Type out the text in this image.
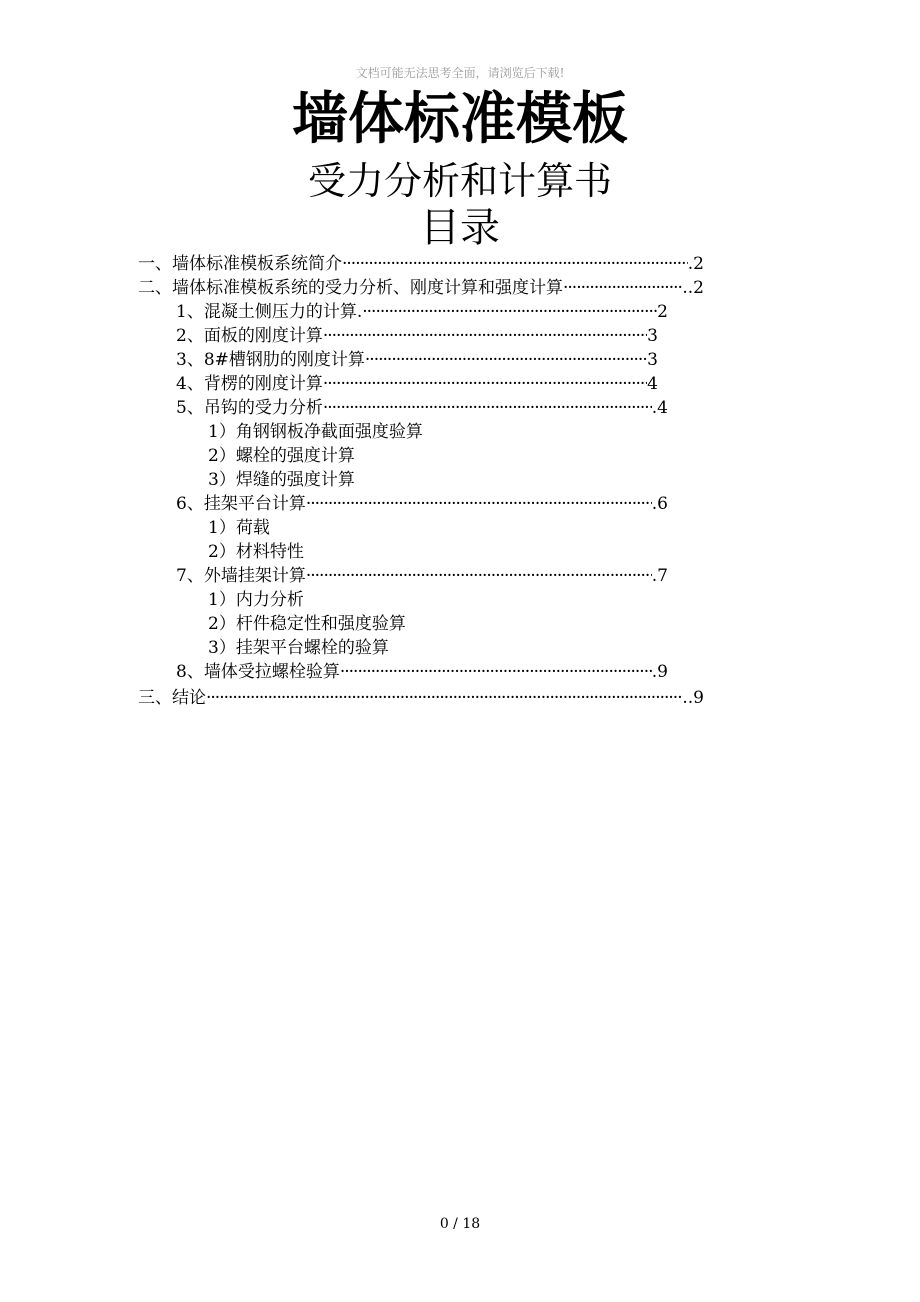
文档可能无法思考全面，请浏览后下载!
墙体标准模板
受力分析和计算书
目录
一、墙体标准模板系统简介 ·····	.2
二、墙体标准模板系统的受力分析、刚度计算和强度计算 ·····	..2
1、混凝土侧压力的计算. ·····	2
2、面板的刚度计算 ·····	3
3、8#槽钢肋的刚度计算 ·····	3
4、背楞的刚度计算 ·····	4
5、吊钩的受力分析 ·····	.4
1）角钢钢板净截面强度验算
2）螺栓的强度计算
3）焊缝的强度计算
6、挂架平台计算 ·····	.6
1）荷载
2）材料特性
7、外墙挂架计算 ·····	.7
1）内力分析
2）杆件稳定性和强度验算
3）挂架平台螺栓的验算
8、墙体受拉螺栓验算 ·····	.9
三、结论 ·····	..9
0 / 18
